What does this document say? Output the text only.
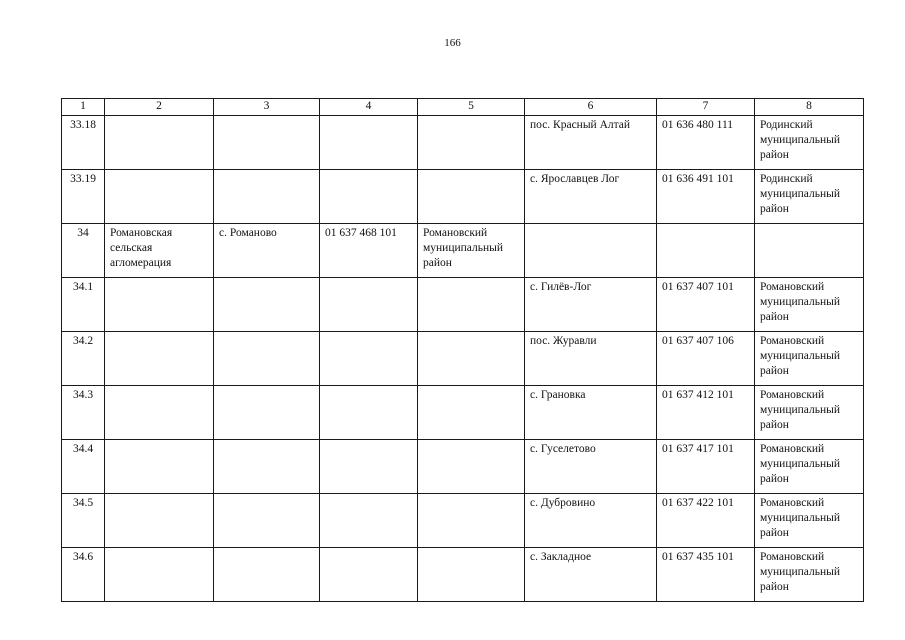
166
1	2	3	4	5	6	7	8
33.18					пос. Красный Алтай	01 636 480 111	Родинский муниципальный район
33.19					с. Ярославцев Лог	01 636 491 101	Родинский муниципальный район
34	Романовская сельская агломерация	с. Романово	01 637 468 101	Романовский муниципальный район			
34.1					с. Гилёв-Лог	01 637 407 101	Романовский муниципальный район
34.2					пос. Журавли	01 637 407 106	Романовский муниципальный район
34.3					с. Грановка	01 637 412 101	Романовский муниципальный район
34.4					с. Гуселетово	01 637 417 101	Романовский муниципальный район
34.5					с. Дубровино	01 637 422 101	Романовский муниципальный район
34.6					с. Закладное	01 637 435 101	Романовский муниципальный район
